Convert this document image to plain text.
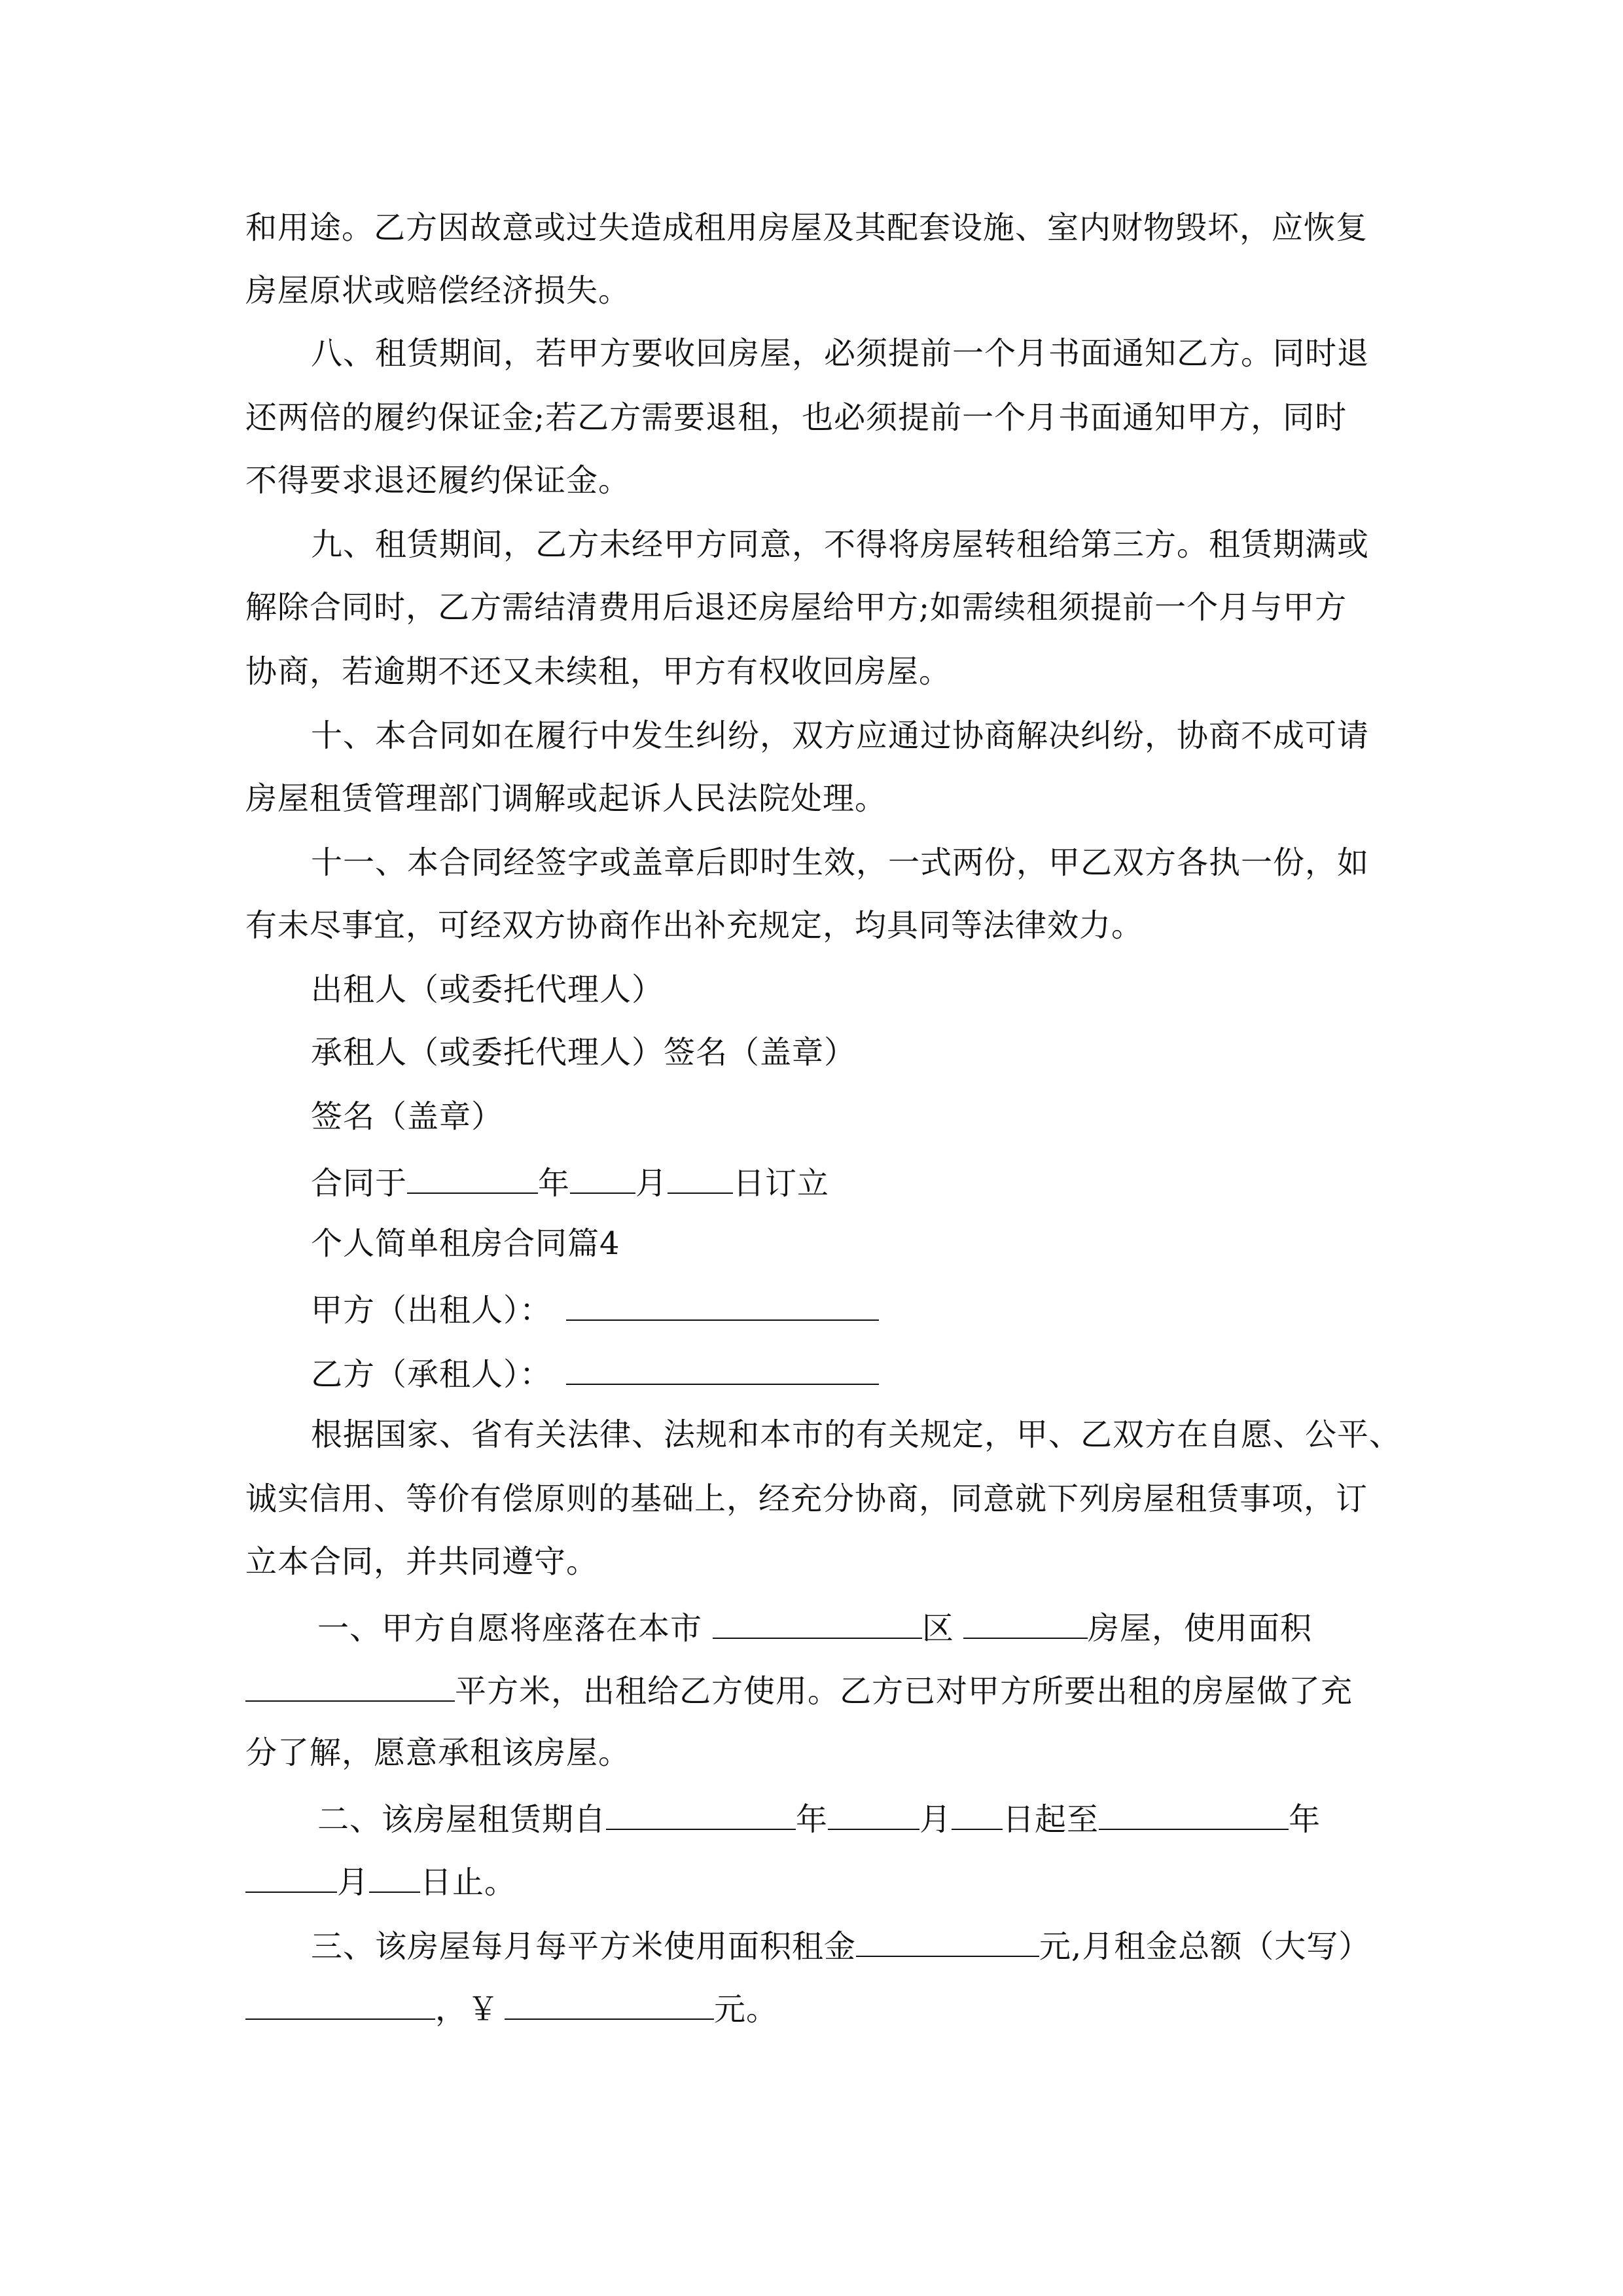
和用途。乙方因故意或过失造成租用房屋及其配套设施、室内财物毁坏，应恢复
房屋原状或赔偿经济损失。
八、租赁期间，若甲方要收回房屋，必须提前一个月书面通知乙方。同时退
还两倍的履约保证金;若乙方需要退租，也必须提前一个月书面通知甲方，同时
不得要求退还履约保证金。
九、租赁期间，乙方未经甲方同意，不得将房屋转租给第三方。租赁期满或
解除合同时，乙方需结清费用后退还房屋给甲方;如需续租须提前一个月与甲方
协商，若逾期不还又未续租，甲方有权收回房屋。
十、本合同如在履行中发生纠纷，双方应通过协商解决纠纷，协商不成可请
房屋租赁管理部门调解或起诉人民法院处理。
十一、本合同经签字或盖章后即时生效，一式两份，甲乙双方各执一份，如
有未尽事宜，可经双方协商作出补充规定，均具同等法律效力。
出租人（或委托代理人）
承租人（或委托代理人）签名（盖章）
签名（盖章）
合同于	年 月 日订立
个人简单租房合同篇4
甲方（出租人）：
乙方（承租人）：
根据国家、省有关法律、法规和本市的有关规定，甲、乙双方在自愿、公平、
诚实信用、等价有偿原则的基础上，经充分协商，同意就下列房屋租赁事项，订
立本合同，并共同遵守。
一、甲方自愿将座落在本市	区	房屋，使用面积
平方米，出租给乙方使用。乙方已对甲方所要出租的房屋做了充
分了解，愿意承租该房屋。
二、该房屋租赁期自	年	月 日起至	年
月 日止。
三、该房屋每月每平方米使用面积租金	元,月租金总额（大写）
，￥	元。
